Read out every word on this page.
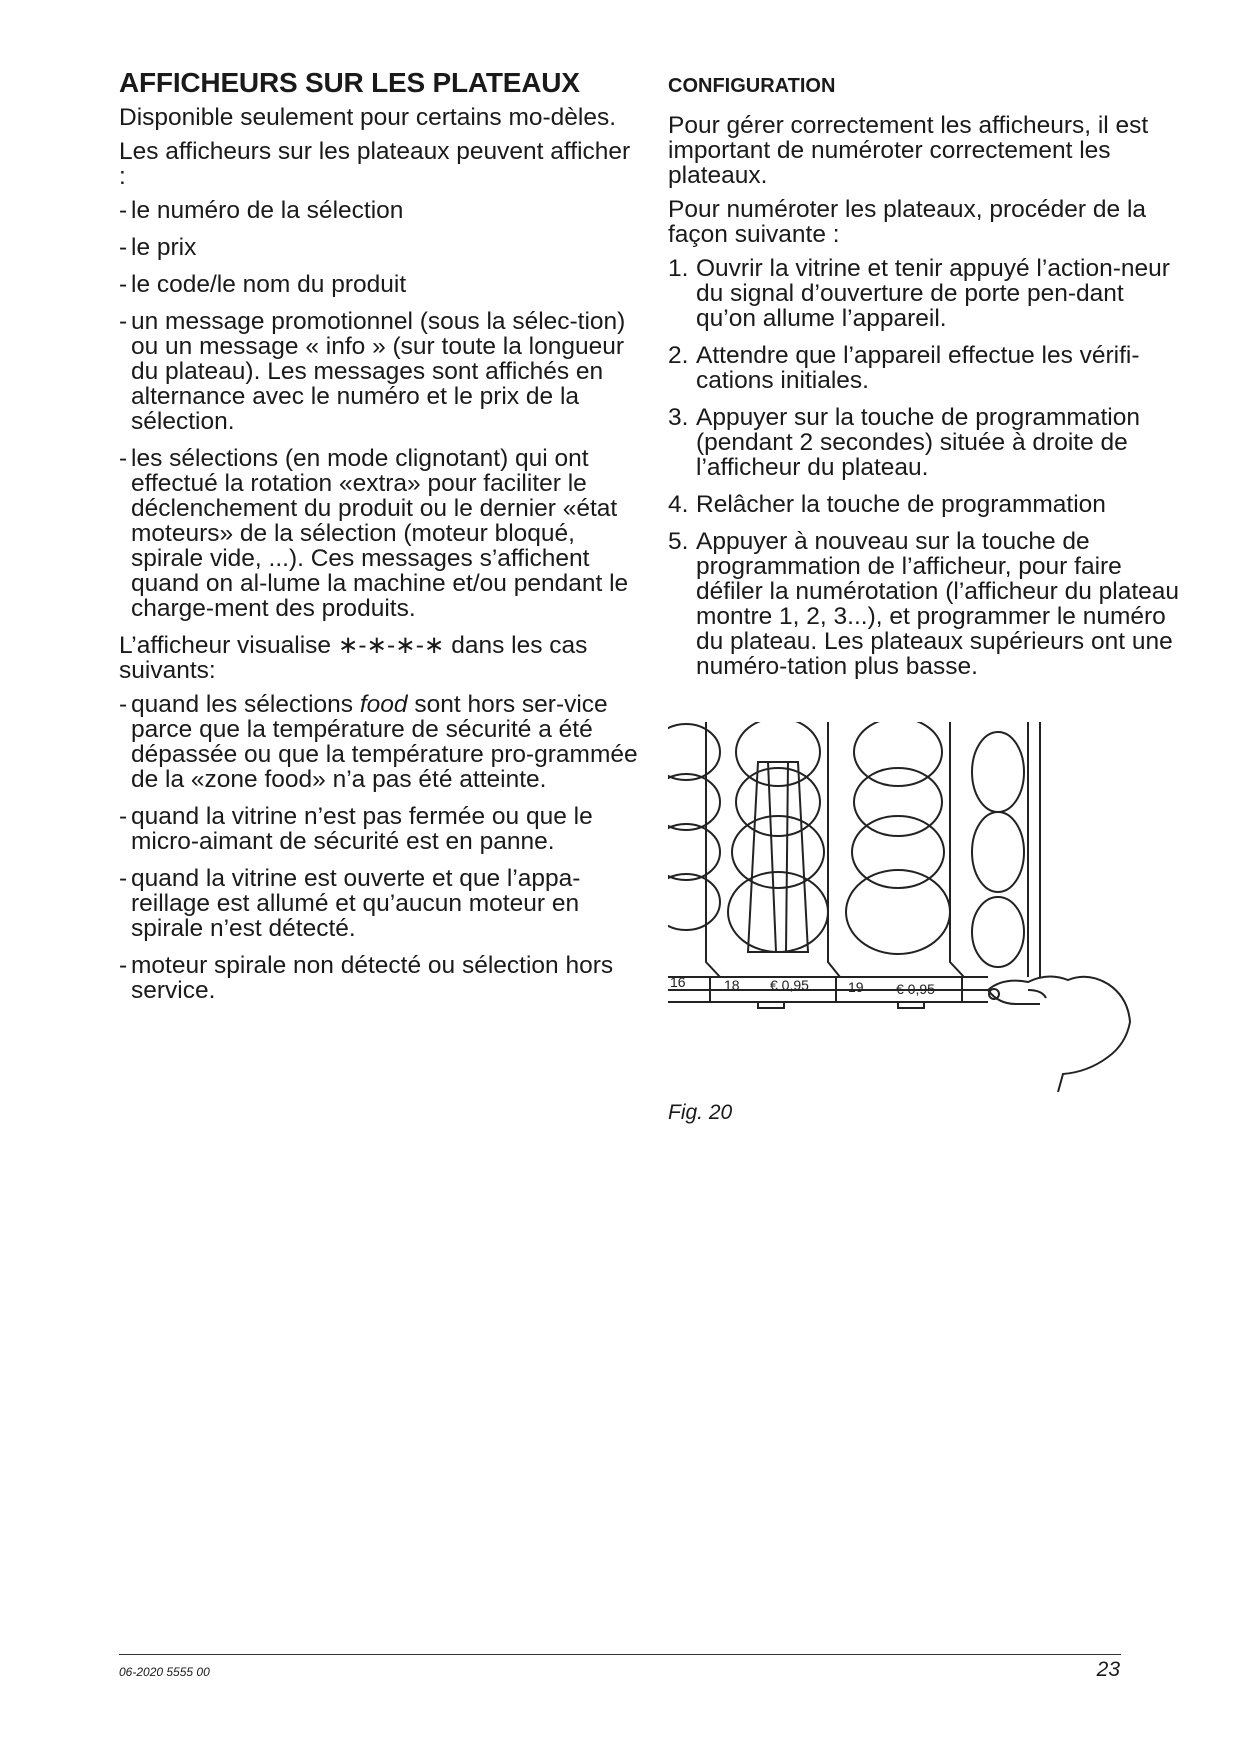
AFFICHEURS SUR LES PLATEAUX

Disponible seulement pour certains mo-dèles.

Les afficheurs sur les plateaux peuvent afficher :

- le numéro de la sélection
- le prix
- le code/le nom du produit
- un message promotionnel (sous la sélec-tion) ou un message « info » (sur toute la longueur du plateau). Les messages sont affichés en alternance avec le numéro et le prix de la sélection.
- les sélections (en mode clignotant) qui ont effectué la rotation «extra» pour faciliter le déclenchement du produit ou le dernier «état moteurs» de la sélection (moteur bloqué, spirale vide, ...). Ces messages s’affichent quand on al-lume la machine et/ou pendant le charge-ment des produits.

L’afficheur visualise ∗-∗-∗-∗ dans les cas suivants:

- quand les sélections food sont hors ser-vice parce que la température de sécurité a été dépassée ou que la température pro-grammée de la «zone food» n’a pas été atteinte.
- quand la vitrine n’est pas fermée ou que le micro-aimant de sécurité est en panne.
- quand la vitrine est ouverte et que l’appa-reillage est allumé et qu’aucun moteur en spirale n’est détecté.
- moteur spirale non détecté ou sélection hors service.
CONFIGURATION

Pour gérer correctement les afficheurs, il est important de numéroter correctement les plateaux.

Pour numéroter les plateaux, procéder de la façon suivante :

1. Ouvrir la vitrine et tenir appuyé l’action-neur du signal d’ouverture de porte pen-dant qu’on allume l’appareil.
2. Attendre que l’appareil effectue les vérifi-cations initiales.
3. Appuyer sur la touche de programmation (pendant 2 secondes) située à droite de l’afficheur du plateau.
4. Relâcher la touche de programmation
5. Appuyer à nouveau sur la touche de programmation de l’afficheur, pour faire défiler la numérotation (l’afficheur du plateau montre 1, 2, 3...), et programmer le numéro du plateau. Les plateaux supérieurs ont une numéro-tation plus basse.
16	18 € 0,95	19 € 0,95
Fig. 20
06-2020 5555 00	23
